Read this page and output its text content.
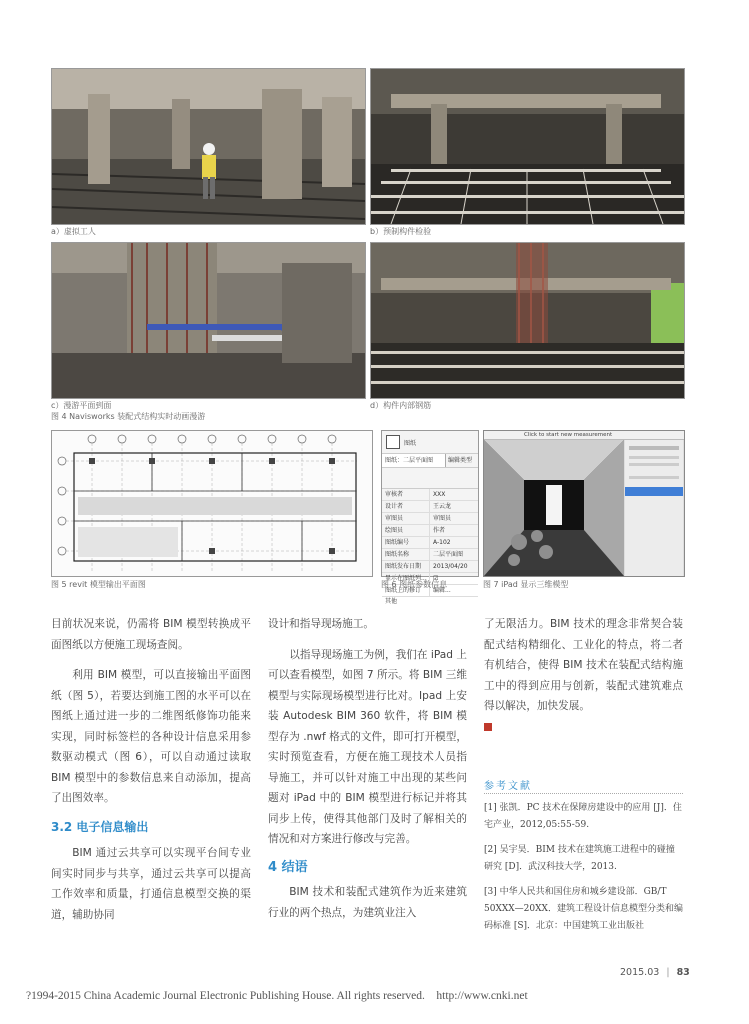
a）虚拟工人	b）预制构件检验
c）漫游平面到面	d）构件内部钢筋
图 4 Navisworks 装配式结构实时动画漫游
图 5 revit 模型输出平面图
图纸
图纸：二层平面图	编辑类型
审核者	XXX
设计者	王云龙
审图员	审图员
绘图员	作者
图纸编号	A-102
图纸名称	二层平面图
图纸发布日期	2013/04/20
显示在图纸列...	☑
图纸上的修订	编辑...
其他
图 6 图纸参数信息
Click to start new measurement
图 7 iPad 显示三维模型

目前状况来说，仍需将 BIM 模型转换成平面图纸以方便施工现场查阅。

利用 BIM 模型，可以直接输出平面图纸（图 5），若要达到施工图的水平可以在图纸上通过进一步的二维图纸修饰功能来实现，同时标签栏的各种设计信息采用参数驱动模式（图 6），可以自动通过读取 BIM 模型中的参数信息来自动添加，提高了出图效率。

3.2 电子信息输出

BIM 通过云共享可以实现平台间专业间实时同步与共享，通过云共享可以提高工作效率和质量，打通信息模型交换的渠道，辅助协同

设计和指导现场施工。

以指导现场施工为例，我们在 iPad 上可以查看模型，如图 7 所示。将 BIM 三维模型与实际现场模型进行比对。Ipad 上安装 Autodesk BIM 360 软件，将 BIM 模型存为 .nwf 格式的文件，即可打开模型，实时预览查看，方便在施工现技术人员指导施工，并可以针对施工中出现的某些问题对 iPad 中的 BIM 模型进行标记并将其同步上传，使得其他部门及时了解相关的情况和对方案进行修改与完善。

4 结语

BIM 技术和装配式建筑作为近来建筑行业的两个热点，为建筑业注入

了无限活力。BIM 技术的理念非常契合装配式结构精细化、工业化的特点，将二者有机结合，使得 BIM 技术在装配式结构施工中的得到应用与创新，装配式建筑难点得以解决，加快发展。

参考文献

[1] 张凯．PC 技术在保障房建设中的应用 [J]．住宅产业，2012,05:55-59.

[2] 吴宇昊．BIM 技术在建筑施工进程中的碰撞研究 [D]．武汉科技大学，2013.

[3] 中华人民共和国住房和城乡建设部．GB/T 50XXX—20XX．建筑工程设计信息模型分类和编码标准 [S]．北京：中国建筑工业出版社

2015.03 | 83
?1994-2015 China Academic Journal Electronic Publishing House. All rights reserved.    http://www.cnki.net
